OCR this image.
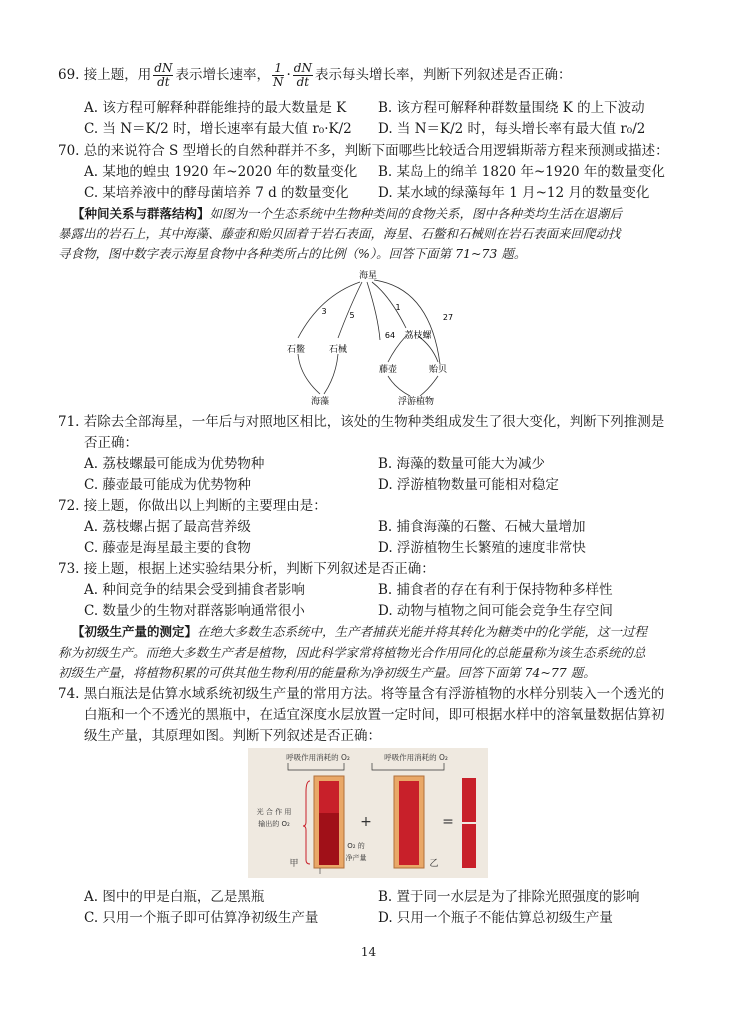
69. 接上题，用 $\frac{dN}{dt}$ 表示增长速率， $\frac{1}{N} \cdot \frac{dN}{dt}$ 表示每头增长率，判断下列叙述是否正确：
A. 该方程可解释种群能维持的最大数量是 K B. 该方程可解释种群数量围绕 K 的上下波动
C. 当 N＝K/2 时，增长速率有最大值 r₀·K/2 D. 当 N＝K/2 时，每头增长率有最大值 r₀/2
70. 总的来说符合 S 型增长的自然种群并不多，判断下面哪些比较适合用逻辑斯蒂方程来预测或描述：
A. 某地的蝗虫 1920 年~2020 年的数量变化 B. 某岛上的绵羊 1820 年~1920 年的数量变化
C. 某培养液中的酵母菌培养 7 d 的数量变化 D. 某水域的绿藻每年 1 月~12 月的数量变化
【种间关系与群落结构】如图为一个生态系统中生物种类间的食物关系，图中各种类均生活在退潮后
暴露出的岩石上，其中海藻、藤壶和贻贝固着于岩石表面，海星、石鳖和石械则在岩石表面来回爬动找
寻食物，图中数字表示海星食物中各种类所占的比例（%）。回答下面第 71~73 题。
海星
3	5
1
27
64 荔枝螺
石鳖	石械
藤壶	贻贝
海藻	浮游植物
71. 若除去全部海星，一年后与对照地区相比，该处的生物种类组成发生了很大变化，判断下列推测是
否正确：
A. 荔枝螺最可能成为优势物种	B. 海藻的数量可能大为减少
C. 藤壶最可能成为优势物种	D. 浮游植物数量可能相对稳定
72. 接上题，你做出以上判断的主要理由是：
A. 荔枝螺占据了最高营养级	B. 捕食海藻的石鳖、石械大量增加
C. 藤壶是海星最主要的食物	D. 浮游植物生长繁殖的速度非常快
73. 接上题，根据上述实验结果分析，判断下列叙述是否正确：
A. 种间竞争的结果会受到捕食者影响	B. 捕食者的存在有利于保持物种多样性
C. 数量少的生物对群落影响通常很小	D. 动物与植物之间可能会竞争生存空间
【初级生产量的测定】在绝大多数生态系统中，生产者捕获光能并将其转化为糖类中的化学能，这一过程
称为初级生产。而绝大多数生产者是植物，因此科学家常将植物光合作用同化的总能量称为该生态系统的总
初级生产量，将植物积累的可供其他生物利用的能量称为净初级生产量。回答下面第 74~77 题。
74. 黑白瓶法是估算水域系统初级生产量的常用方法。将等量含有浮游植物的水样分别装入一个透光的
白瓶和一个不透光的黑瓶中，在适宜深度水层放置一定时间，即可根据水样中的溶氧量数据估算初
级生产量，其原理如图。判断下列叙述是否正确：
呼吸作用消耗的 O₂	呼吸作用消耗的 O₂
光 合 作 用
输出的 O₂
O₂ 的
净产量
甲
+
乙
=
A. 图中的甲是白瓶，乙是黑瓶	B. 置于同一水层是为了排除光照强度的影响
C. 只用一个瓶子即可估算净初级生产量	D. 只用一个瓶子不能估算总初级生产量
14
